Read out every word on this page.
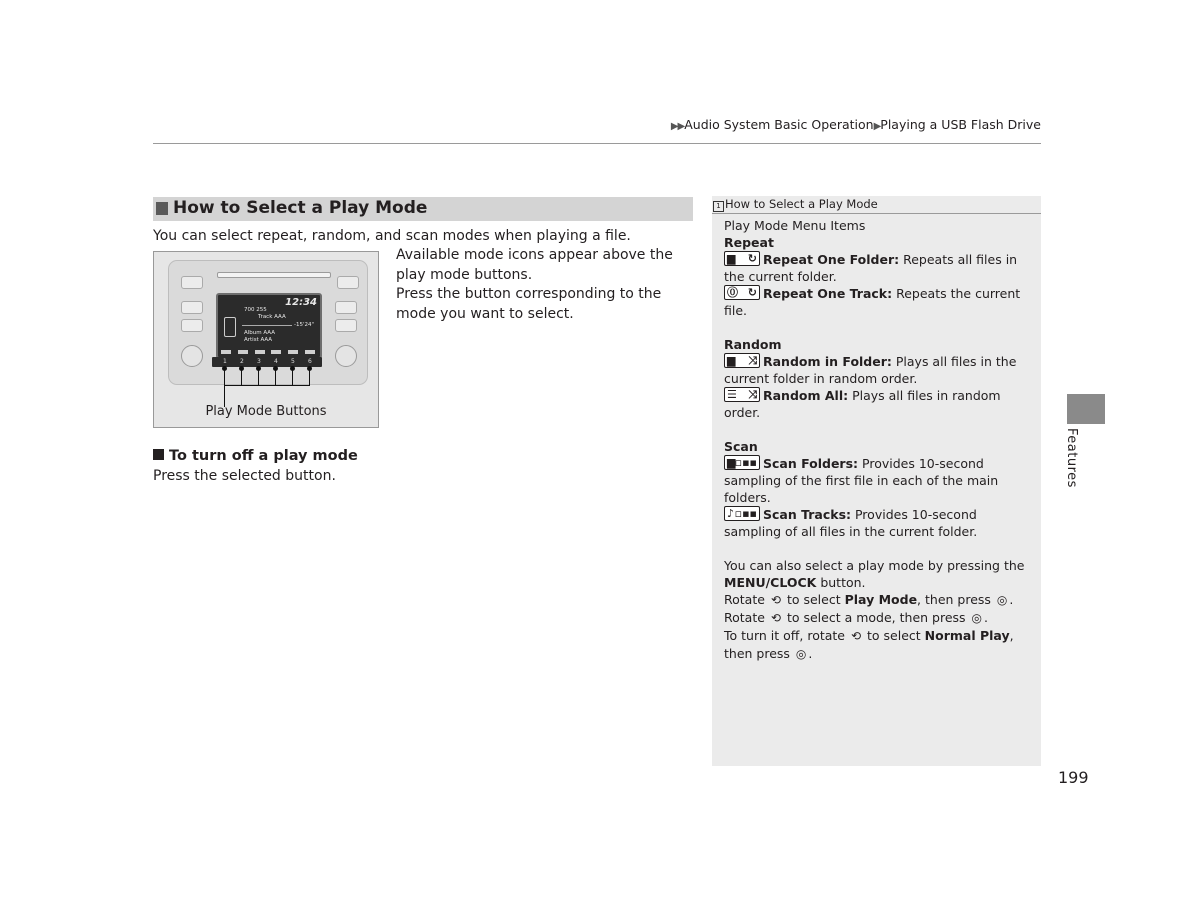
▶▶Audio System Basic Operation▶Playing a USB Flash Drive
How to Select a Play Mode
You can select repeat, random, and scan modes when playing a file.
Available mode icons appear above the play mode buttons.
Press the button corresponding to the mode you want to select.
12:34
700 255
Track AAA
-15'24"
Album AAA
Artist AAA
1 2 3 4 5 6
Play Mode Buttons
To turn off a play mode
Press the selected button.
1 How to Select a Play Mode

Play Mode Menu Items

Repeat

▆ ↻ Repeat One Folder: Repeats all files in the current folder.

⓪ ↻ Repeat One Track: Repeats the current file.

Random

▆ ⤨ Random in Folder: Plays all files in the current folder in random order.

☰ ⤨ Random All: Plays all files in random order.

Scan

▆ ▫▪▪ Scan Folders: Provides 10-second sampling of the first file in each of the main folders.

♪ ▫▪▪ Scan Tracks: Provides 10-second sampling of all files in the current folder.

You can also select a play mode by pressing the MENU/CLOCK button.

Rotate ⟲ to select Play Mode, then press ◎ .

Rotate ⟲ to select a mode, then press ◎ .

To turn it off, rotate ⟲ to select Normal Play, then press ◎ .

199
Features
